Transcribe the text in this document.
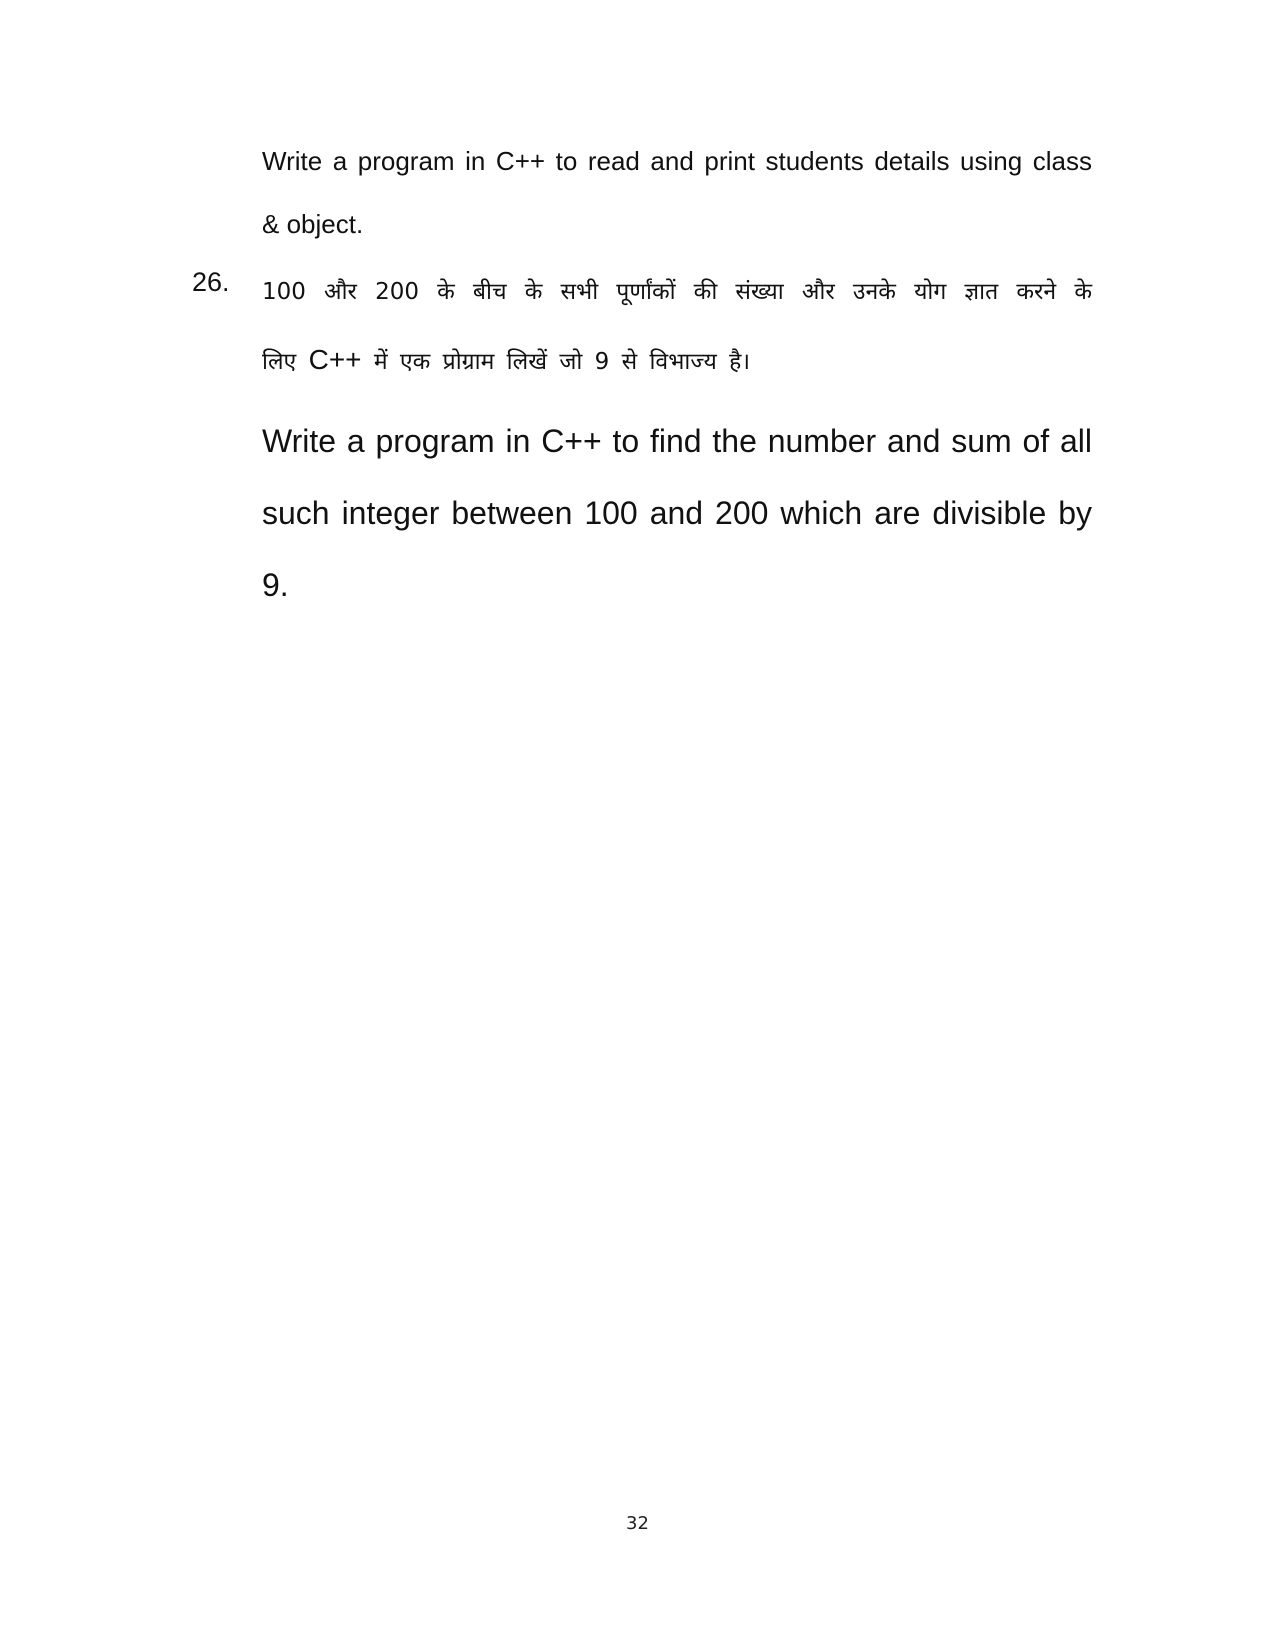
Write a program in C++ to read and print students details using class
& object.
26. 100 और 200 के बीच के सभी पूर्णांकों की संख्या और उनके योग ज्ञात करने के
लिए C++ में एक प्रोग्राम लिखें जो 9 से विभाज्य है।
Write a program in C++ to find the number and sum of all
such integer between 100 and 200 which are divisible by 9.
32
